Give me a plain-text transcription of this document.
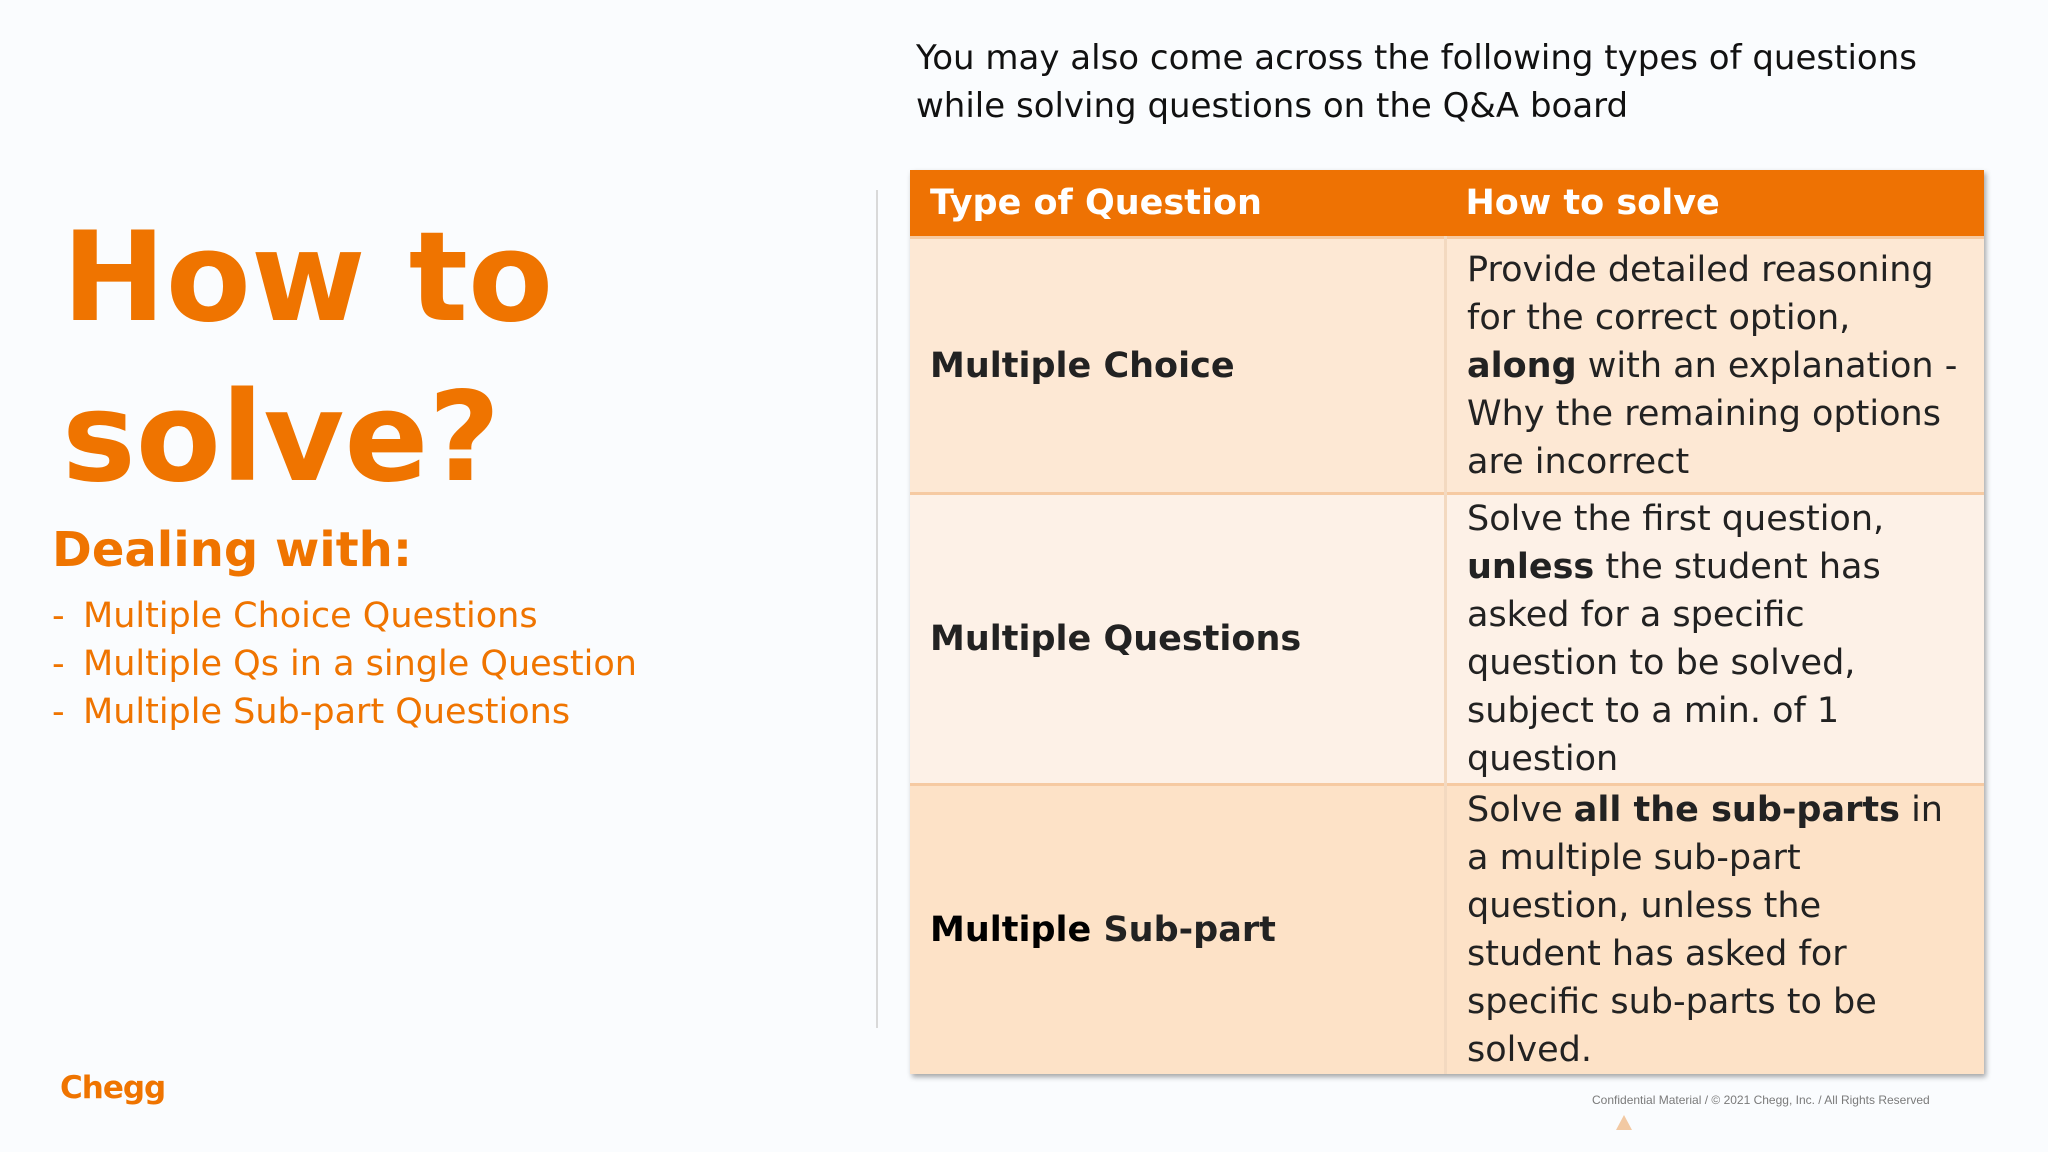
How to
solve?
Dealing with:
- Multiple Choice Questions
- Multiple Qs in a single Question
- Multiple Sub-part Questions

You may also come across the following types of questions
while solving questions on the Q&A board

Type of Question	How to solve
Multiple Choice	Provide detailed reasoning for the correct option, along with an explanation - Why the remaining options are incorrect
Multiple Questions	Solve the first question, unless the student has asked for a specific question to be solved, subject to a min. of 1 question
Multiple Sub-part	Solve all the sub-parts in a multiple sub-part question, unless the student has asked for specific sub-parts to be solved.
Chegg	Confidential Material / © 2021 Chegg, Inc. / All Rights Reserved
